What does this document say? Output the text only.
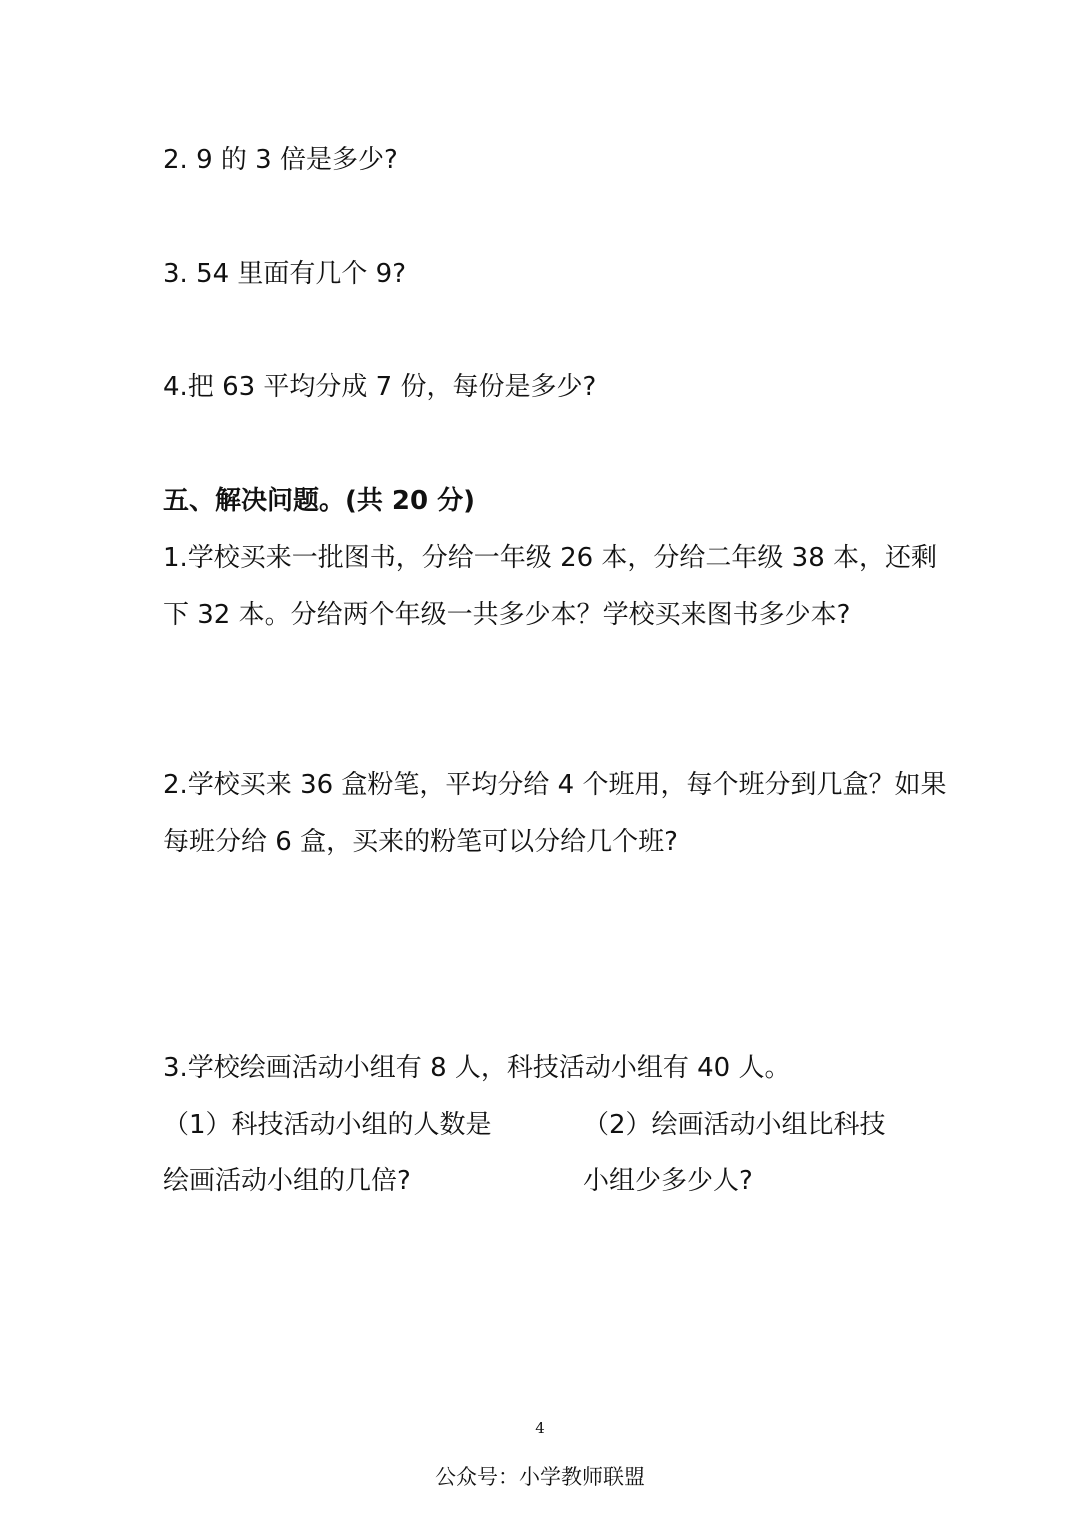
2. 9 的 3 倍是多少?
3. 54 里面有几个 9?
4.把 63 平均分成 7 份，每份是多少?
五、解决问题。(共 20 分)
1.学校买来一批图书，分给一年级 26 本，分给二年级 38 本，还剩
下 32 本。分给两个年级一共多少本？学校买来图书多少本?
2.学校买来 36 盒粉笔，平均分给 4 个班用，每个班分到几盒？如果
每班分给 6 盒，买来的粉笔可以分给几个班?
3.学校绘画活动小组有 8 人，科技活动小组有 40 人。
（1）科技活动小组的人数是	（2）绘画活动小组比科技
绘画活动小组的几倍?	小组少多少人?
4
公众号：小学教师联盟
